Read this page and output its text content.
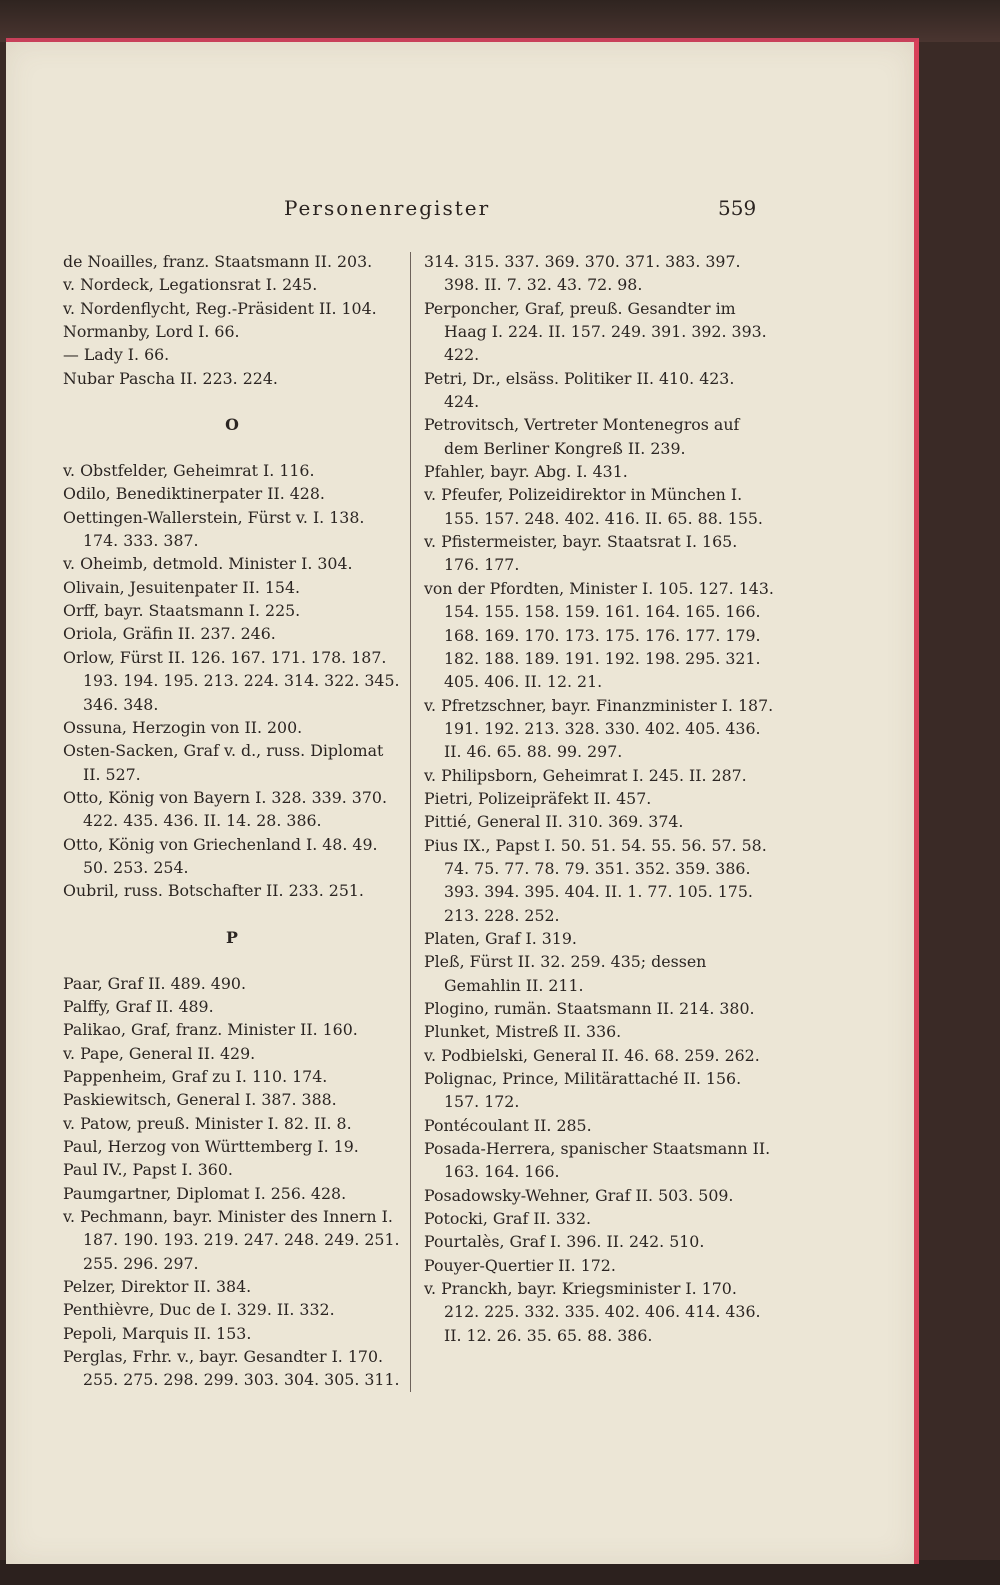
Personenregister	559
de Noailles, franz. Staatsmann II. 203.
v. Nordeck, Legationsrat I. 245.
v. Nordenflycht, Reg.-Präsident II. 104.
Normanby, Lord I. 66.
— Lady I. 66.
Nubar Pascha II. 223. 224.
O
v. Obstfelder, Geheimrat I. 116.
Odilo, Benediktinerpater II. 428.
Oettingen-Wallerstein, Fürst v. I. 138. 174. 333. 387.
v. Oheimb, detmold. Minister I. 304.
Olivain, Jesuitenpater II. 154.
Orff, bayr. Staatsmann I. 225.
Oriola, Gräfin II. 237. 246.
Orlow, Fürst II. 126. 167. 171. 178. 187. 193. 194. 195. 213. 224. 314. 322. 345. 346. 348.
Ossuna, Herzogin von II. 200.
Osten-Sacken, Graf v. d., russ. Diplomat II. 527.
Otto, König von Bayern I. 328. 339. 370. 422. 435. 436. II. 14. 28. 386.
Otto, König von Griechenland I. 48. 49. 50. 253. 254.
Oubril, russ. Botschafter II. 233. 251.
P
Paar, Graf II. 489. 490.
Palffy, Graf II. 489.
Palikao, Graf, franz. Minister II. 160.
v. Pape, General II. 429.
Pappenheim, Graf zu I. 110. 174.
Paskiewitsch, General I. 387. 388.
v. Patow, preuß. Minister I. 82. II. 8.
Paul, Herzog von Württemberg I. 19.
Paul IV., Papst I. 360.
Paumgartner, Diplomat I. 256. 428.
v. Pechmann, bayr. Minister des Innern I. 187. 190. 193. 219. 247. 248. 249. 251. 255. 296. 297.
Pelzer, Direktor II. 384.
Penthièvre, Duc de I. 329. II. 332.
Pepoli, Marquis II. 153.
Perglas, Frhr. v., bayr. Gesandter I. 170. 255. 275. 298. 299. 303. 304. 305. 311.
314. 315. 337. 369. 370. 371. 383. 397. 398. II. 7. 32. 43. 72. 98.
Perponcher, Graf, preuß. Gesandter im Haag I. 224. II. 157. 249. 391. 392. 393. 422.
Petri, Dr., elsäss. Politiker II. 410. 423. 424.
Petrovitsch, Vertreter Montenegros auf dem Berliner Kongreß II. 239.
Pfahler, bayr. Abg. I. 431.
v. Pfeufer, Polizeidirektor in München I. 155. 157. 248. 402. 416. II. 65. 88. 155.
v. Pfistermeister, bayr. Staatsrat I. 165. 176. 177.
von der Pfordten, Minister I. 105. 127. 143. 154. 155. 158. 159. 161. 164. 165. 166. 168. 169. 170. 173. 175. 176. 177. 179. 182. 188. 189. 191. 192. 198. 295. 321. 405. 406. II. 12. 21.
v. Pfretzschner, bayr. Finanzminister I. 187. 191. 192. 213. 328. 330. 402. 405. 436. II. 46. 65. 88. 99. 297.
v. Philipsborn, Geheimrat I. 245. II. 287.
Pietri, Polizeipräfekt II. 457.
Pittié, General II. 310. 369. 374.
Pius IX., Papst I. 50. 51. 54. 55. 56. 57. 58. 74. 75. 77. 78. 79. 351. 352. 359. 386. 393. 394. 395. 404. II. 1. 77. 105. 175. 213. 228. 252.
Platen, Graf I. 319.
Pleß, Fürst II. 32. 259. 435; dessen Gemahlin II. 211.
Plogino, rumän. Staatsmann II. 214. 380.
Plunket, Mistreß II. 336.
v. Podbielski, General II. 46. 68. 259. 262.
Polignac, Prince, Militärattaché II. 156. 157. 172.
Pontécoulant II. 285.
Posada-Herrera, spanischer Staatsmann II. 163. 164. 166.
Posadowsky-Wehner, Graf II. 503. 509.
Potocki, Graf II. 332.
Pourtalès, Graf I. 396. II. 242. 510.
Pouyer-Quertier II. 172.
v. Pranckh, bayr. Kriegsminister I. 170. 212. 225. 332. 335. 402. 406. 414. 436. II. 12. 26. 35. 65. 88. 386.
